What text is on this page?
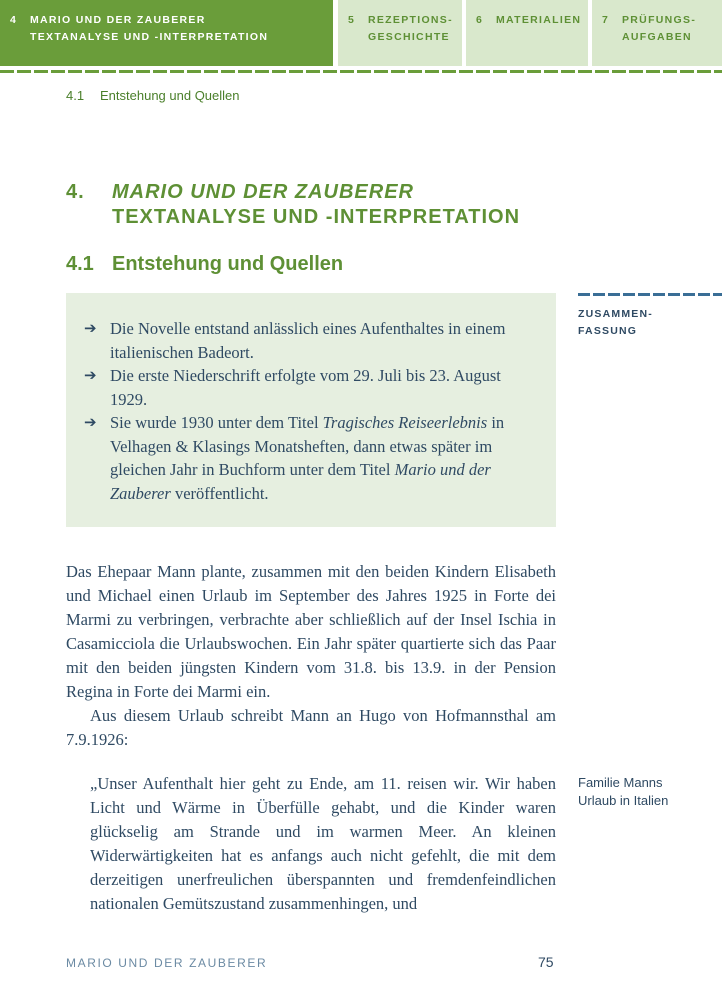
4 MARIO UND DER ZAUBERER
TEXTANALYSE UND -INTERPRETATION
5 REZEPTIONS-
GESCHICHTE
6 MATERIALIEN 7 PRÜFUNGS-
AUFGABEN
4.1 Entstehung und Quellen
4. MARIO UND DER ZAUBERER
TEXTANALYSE UND -INTERPRETATION
4.1 Entstehung und Quellen
➔ Die Novelle entstand anlässlich eines Aufenthaltes in einem italienischen Badeort.
➔ Die erste Niederschrift erfolgte vom 29. Juli bis 23. August 1929.
➔ Sie wurde 1930 unter dem Titel Tragisches Reiseerlebnis in Velhagen & Klasings Monatsheften, dann etwas später im gleichen Jahr in Buchform unter dem Titel Mario und der Zauberer veröffentlicht.
ZUSAMMEN-
FASSUNG

Das Ehepaar Mann plante, zusammen mit den beiden Kindern Elisabeth und Michael einen Urlaub im September des Jahres 1925 in Forte dei Marmi zu verbringen, verbrachte aber schließlich auf der Insel Ischia in Casamicciola die Urlaubswochen. Ein Jahr später quartierte sich das Paar mit den beiden jüngsten Kindern vom 31.8. bis 13.9. in der Pension Regina in Forte dei Marmi ein.

Aus diesem Urlaub schreibt Mann an Hugo von Hofmannsthal am 7.9.1926:

„Unser Aufenthalt hier geht zu Ende, am 11. reisen wir. Wir haben Licht und Wärme in Überfülle gehabt, und die Kinder waren glückselig am Strande und im warmen Meer. An kleinen Widerwärtigkeiten hat es anfangs auch nicht gefehlt, die mit dem derzeitigen unerfreulichen überspannten und fremdenfeindlichen nationalen Gemütszustand zusammenhingen, und
Familie Manns
Urlaub in Italien
MARIO UND DER ZAUBERER	75
